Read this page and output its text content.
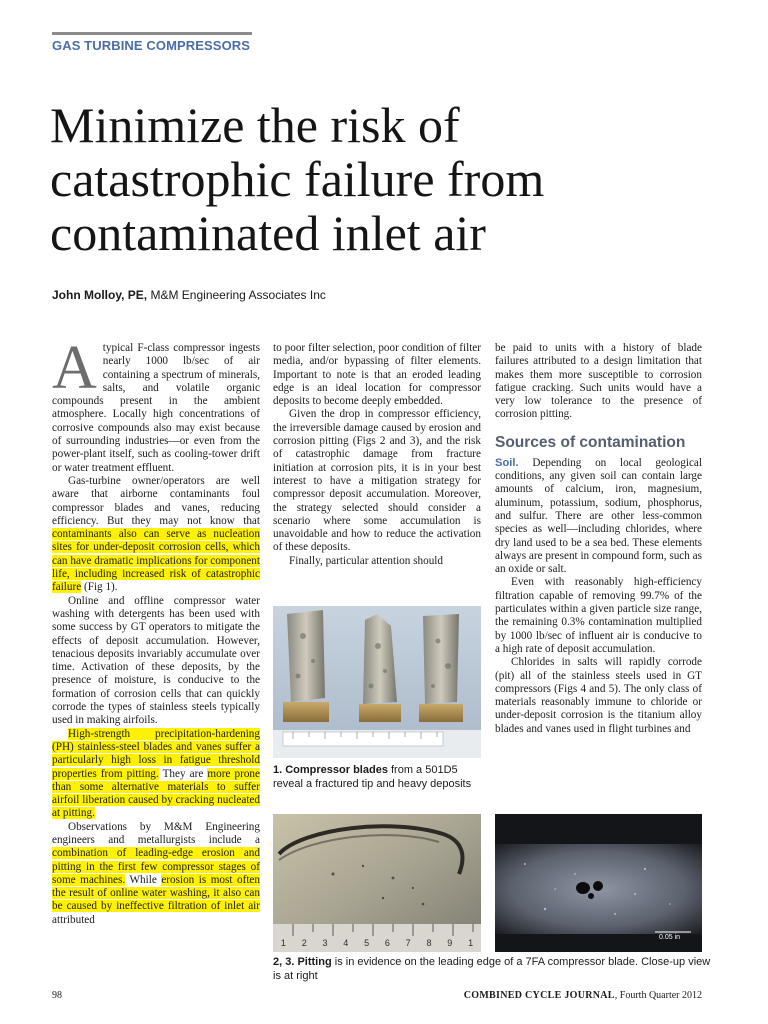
GAS TURBINE COMPRESSORS
Minimize the risk of
catastrophic failure from
contaminated inlet air
John Molloy, PE, M&M Engineering Associates Inc

Atypical F-class compressor ingests nearly 1000 lb/sec of air containing a spectrum of minerals, salts, and volatile organic compounds present in the ambient atmosphere. Locally high concentrations of corrosive compounds also may exist because of surrounding industries—or even from the power-plant itself, such as cooling-tower drift or water treatment effluent.

Gas-turbine owner/operators are well aware that airborne contaminants foul compressor blades and vanes, reducing efficiency. But they may not know that contaminants also can serve as nucleation sites for under-deposit corrosion cells, which can have dramatic implications for component life, including increased risk of catastrophic failure (Fig 1).

Online and offline compressor water washing with detergents has been used with some success by GT operators to mitigate the effects of deposit accumulation. However, tenacious deposits invariably accumulate over time. Activation of these deposits, by the presence of moisture, is conducive to the formation of corrosion cells that can quickly corrode the types of stainless steels typically used in making airfoils.

High-strength precipitation-hardening (PH) stainless-steel blades and vanes suffer a particularly high loss in fatigue threshold properties from pitting. They are more prone than some alternative materials to suffer airfoil liberation caused by cracking nucleated at pitting.

Observations by M&M Engineering engineers and metallurgists include a combination of leading-edge erosion and pitting in the first few compressor stages of some machines. While erosion is most often the result of online water washing, it also can be caused by ineffective filtration of inlet air attributed

to poor filter selection, poor condition of filter media, and/or bypassing of filter elements. Important to note is that an eroded leading edge is an ideal location for compressor deposits to become deeply embedded.

Given the drop in compressor efficiency, the irreversible damage caused by erosion and corrosion pitting (Figs 2 and 3), and the risk of catastrophic damage from fracture initiation at corrosion pits, it is in your best interest to have a mitigation strategy for compressor deposit accumulation. Moreover, the strategy selected should consider a scenario where some accumulation is unavoidable and how to reduce the activation of these deposits.

Finally, particular attention should

be paid to units with a history of blade failures attributed to a design limitation that makes them more susceptible to corrosion fatigue cracking. Such units would have a very low tolerance to the presence of corrosion pitting.

Sources of contamination

Soil. Depending on local geological conditions, any given soil can contain large amounts of calcium, iron, magnesium, aluminum, potassium, sodium, phosphorus, and sulfur. There are other less-common species as well—including chlorides, where dry land used to be a sea bed. These elements always are present in compound form, such as an oxide or salt.

Even with reasonably high-efficiency filtration capable of removing 99.7% of the particulates within a given particle size range, the remaining 0.3% contamination multiplied by 1000 lb/sec of influent air is conducive to a high rate of deposit accumulation.

Chlorides in salts will rapidly corrode (pit) all of the stainless steels used in GT compressors (Figs 4 and 5). The only class of materials reasonably immune to chloride or under-deposit corrosion is the titanium alloy blades and vanes used in flight turbines and

1. Compressor blades from a 501D5 reveal a fractured tip and heavy deposits
1 2 3 4 5 6 7 8 9 1
0.05 in
2, 3. Pitting is in evidence on the leading edge of a 7FA compressor blade. Close-up view is at right
98	COMBINED CYCLE JOURNAL, Fourth Quarter 2012
